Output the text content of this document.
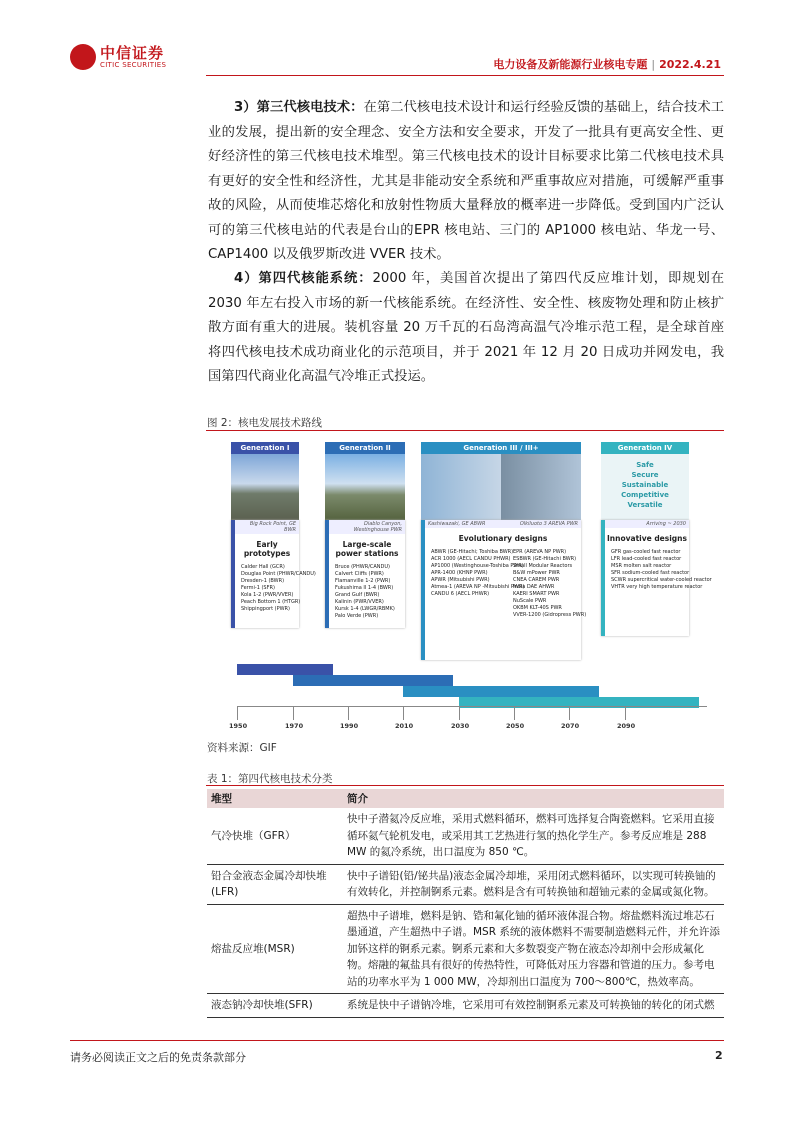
中信证券
CITIC SECURITIES	电力设备及新能源行业核电专题 | 2022.4.21
3）第三代核电技术：在第二代核电技术设计和运行经验反馈的基础上，结合技术工业的发展，提出新的安全理念、安全方法和安全要求，开发了一批具有更高安全性、更好经济性的第三代核电技术堆型。第三代核电技术的设计目标要求比第二代核电技术具有更好的安全性和经济性，尤其是非能动安全系统和严重事故应对措施，可缓解严重事故的风险，从而使堆芯熔化和放射性物质大量释放的概率进一步降低。受到国内广泛认可的第三代核电站的代表是台山的EPR 核电站、三门的 AP1000 核电站、华龙一号、CAP1400 以及俄罗斯改进 VVER 技术。
4）第四代核能系统：2000 年，美国首次提出了第四代反应堆计划，即规划在 2030 年左右投入市场的新一代核能系统。在经济性、安全性、核废物处理和防止核扩散方面有重大的进展。装机容量 20 万千瓦的石岛湾高温气冷堆示范工程，是全球首座将四代核电技术成功商业化的示范项目，并于 2021 年 12 月 20 日成功并网发电，我国第四代商业化高温气冷堆正式投运。
图 2：核电发展技术路线
Generation I
Big Rock Point, GE BWR
Early prototypes
Calder Hall (GCR)
Douglas Point (PHWR/CANDU)
Dresden-1 (BWR)
Fermi-1 (SFR)
Kola 1-2 (PWR/VVER)
Peach Bottom 1 (HTGR)
Shippingport (PWR)
Generation II
Diablo Canyon, Westinghouse PWR
Large-scale power stations
Bruce (PHWR/CANDU)
Calvert Cliffs (PWR)
Flamanville 1-2 (PWR)
Fukushima II 1-4 (BWR)
Grand Gulf (BWR)
Kalinin (PWR/VVER)
Kursk 1-4 (LWGR/RBMK)
Palo Verde (PWR)
Generation III / III+
Kashiwazaki, GE ABWR	Olkiluoto 3 AREVA PWR
Evolutionary designs
ABWR (GE-Hitachi; Toshiba BWR)
ACR 1000 (AECL CANDU PHWR)
AP1000 (Westinghouse-Toshiba PWR)
APR-1400 (KHNP PWR)
APWR (Mitsubishi PWR)
Atmea-1 (AREVA NP -Mitsubishi PWR)
CANDU 6 (AECL PHWR)
EPR (AREVA NP PWR)
ESBWR (GE-Hitachi BWR)
Small Modular Reactors
B&W mPower PWR
CNEA CAREM PWR
India DAE AHWR
KAERI SMART PWR
NuScale PWR
OKBM KLT-40S PWR
VVER-1200 (Gidropress PWR)
Generation IV
Safe
Secure
Sustainable
Competitive
Versatile
Arriving ~ 2030
Innovative designs
GFR gas-cooled fast reactor
LFR lead-cooled fast reactor
MSR molten salt reactor
SFR sodium-cooled fast reactor
SCWR supercritical water-cooled reactor
VHTR very high temperature reactor
1950	1970	1990	2010	2030	2050	2070	2090
资料来源：GIF
表 1：第四代核电技术分类
堆型	简介
气冷快堆（GFR）	快中子潜氦冷反应堆，采用式燃料循环，燃料可选择复合陶瓷燃料。它采用直接循环氦气轮机发电，或采用其工艺热进行氢的热化学生产。参考反应堆是 288 MW 的氦冷系统，出口温度为 850 ℃。
铅合金液态金属冷却快堆 (LFR)	快中子谱铅(铅/铋共晶)液态金属冷却堆，采用闭式燃料循环，以实现可转换铀的有效转化，并控制锕系元素。燃料是含有可转换铀和超铀元素的金属或氮化物。
熔盐反应堆(MSR)	超热中子谱堆，燃料是钠、锆和氟化铀的循环液体混合物。熔盐燃料流过堆芯石墨通道，产生超热中子谱。MSR 系统的液体燃料不需要制造燃料元件，并允许添加钚这样的锕系元素。锕系元素和大多数裂变产物在液态冷却剂中会形成氟化物。熔融的氟盐具有很好的传热特性，可降低对压力容器和管道的压力。参考电站的功率水平为 1 000 MW，冷却剂出口温度为 700～800℃，热效率高。
液态钠冷却快堆(SFR)	系统是快中子谱钠冷堆，它采用可有效控制锕系元素及可转换铀的转化的闭式燃
请务必阅读正文之后的免责条款部分	2
